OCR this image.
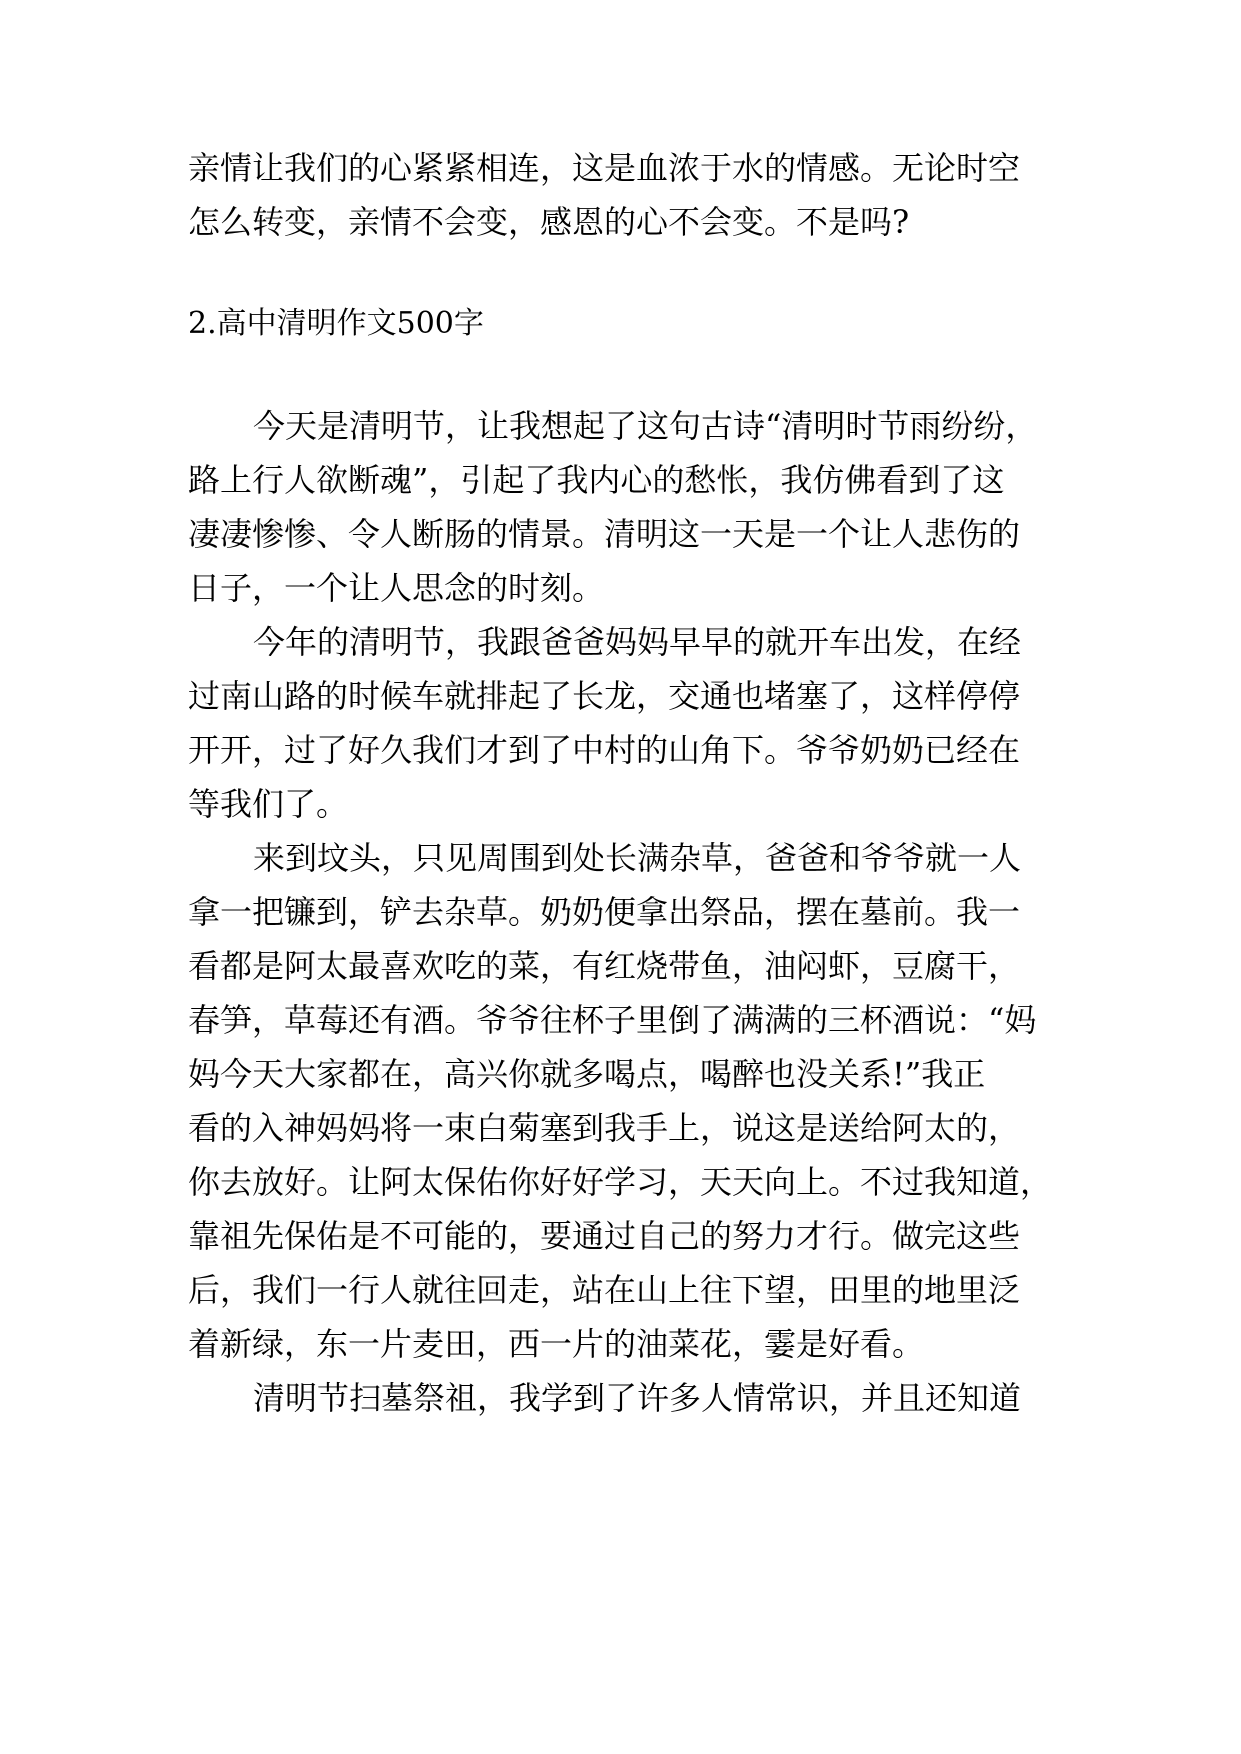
亲情让我们的心紧紧相连，这是血浓于水的情感。无论时空
怎么转变，亲情不会变，感恩的心不会变。不是吗?
2.高中清明作文500字
今天是清明节，让我想起了这句古诗“清明时节雨纷纷，
路上行人欲断魂”，引起了我内心的愁怅，我仿佛看到了这
凄凄惨惨、令人断肠的情景。清明这一天是一个让人悲伤的
日子，一个让人思念的时刻。
今年的清明节，我跟爸爸妈妈早早的就开车出发，在经
过南山路的时候车就排起了长龙，交通也堵塞了，这样停停
开开，过了好久我们才到了中村的山角下。爷爷奶奶已经在
等我们了。
来到坟头，只见周围到处长满杂草，爸爸和爷爷就一人
拿一把镰到，铲去杂草。奶奶便拿出祭品，摆在墓前。我一
看都是阿太最喜欢吃的菜，有红烧带鱼，油闷虾，豆腐干，
春笋，草莓还有酒。爷爷往杯子里倒了满满的三杯酒说：“妈
妈今天大家都在，高兴你就多喝点，喝醉也没关系!”我正
看的入神妈妈将一束白菊塞到我手上，说这是送给阿太的，
你去放好。让阿太保佑你好好学习，天天向上。不过我知道，
靠祖先保佑是不可能的，要通过自己的努力才行。做完这些
后，我们一行人就往回走，站在山上往下望，田里的地里泛
着新绿，东一片麦田，西一片的油菜花，霎是好看。
清明节扫墓祭祖，我学到了许多人情常识，并且还知道
